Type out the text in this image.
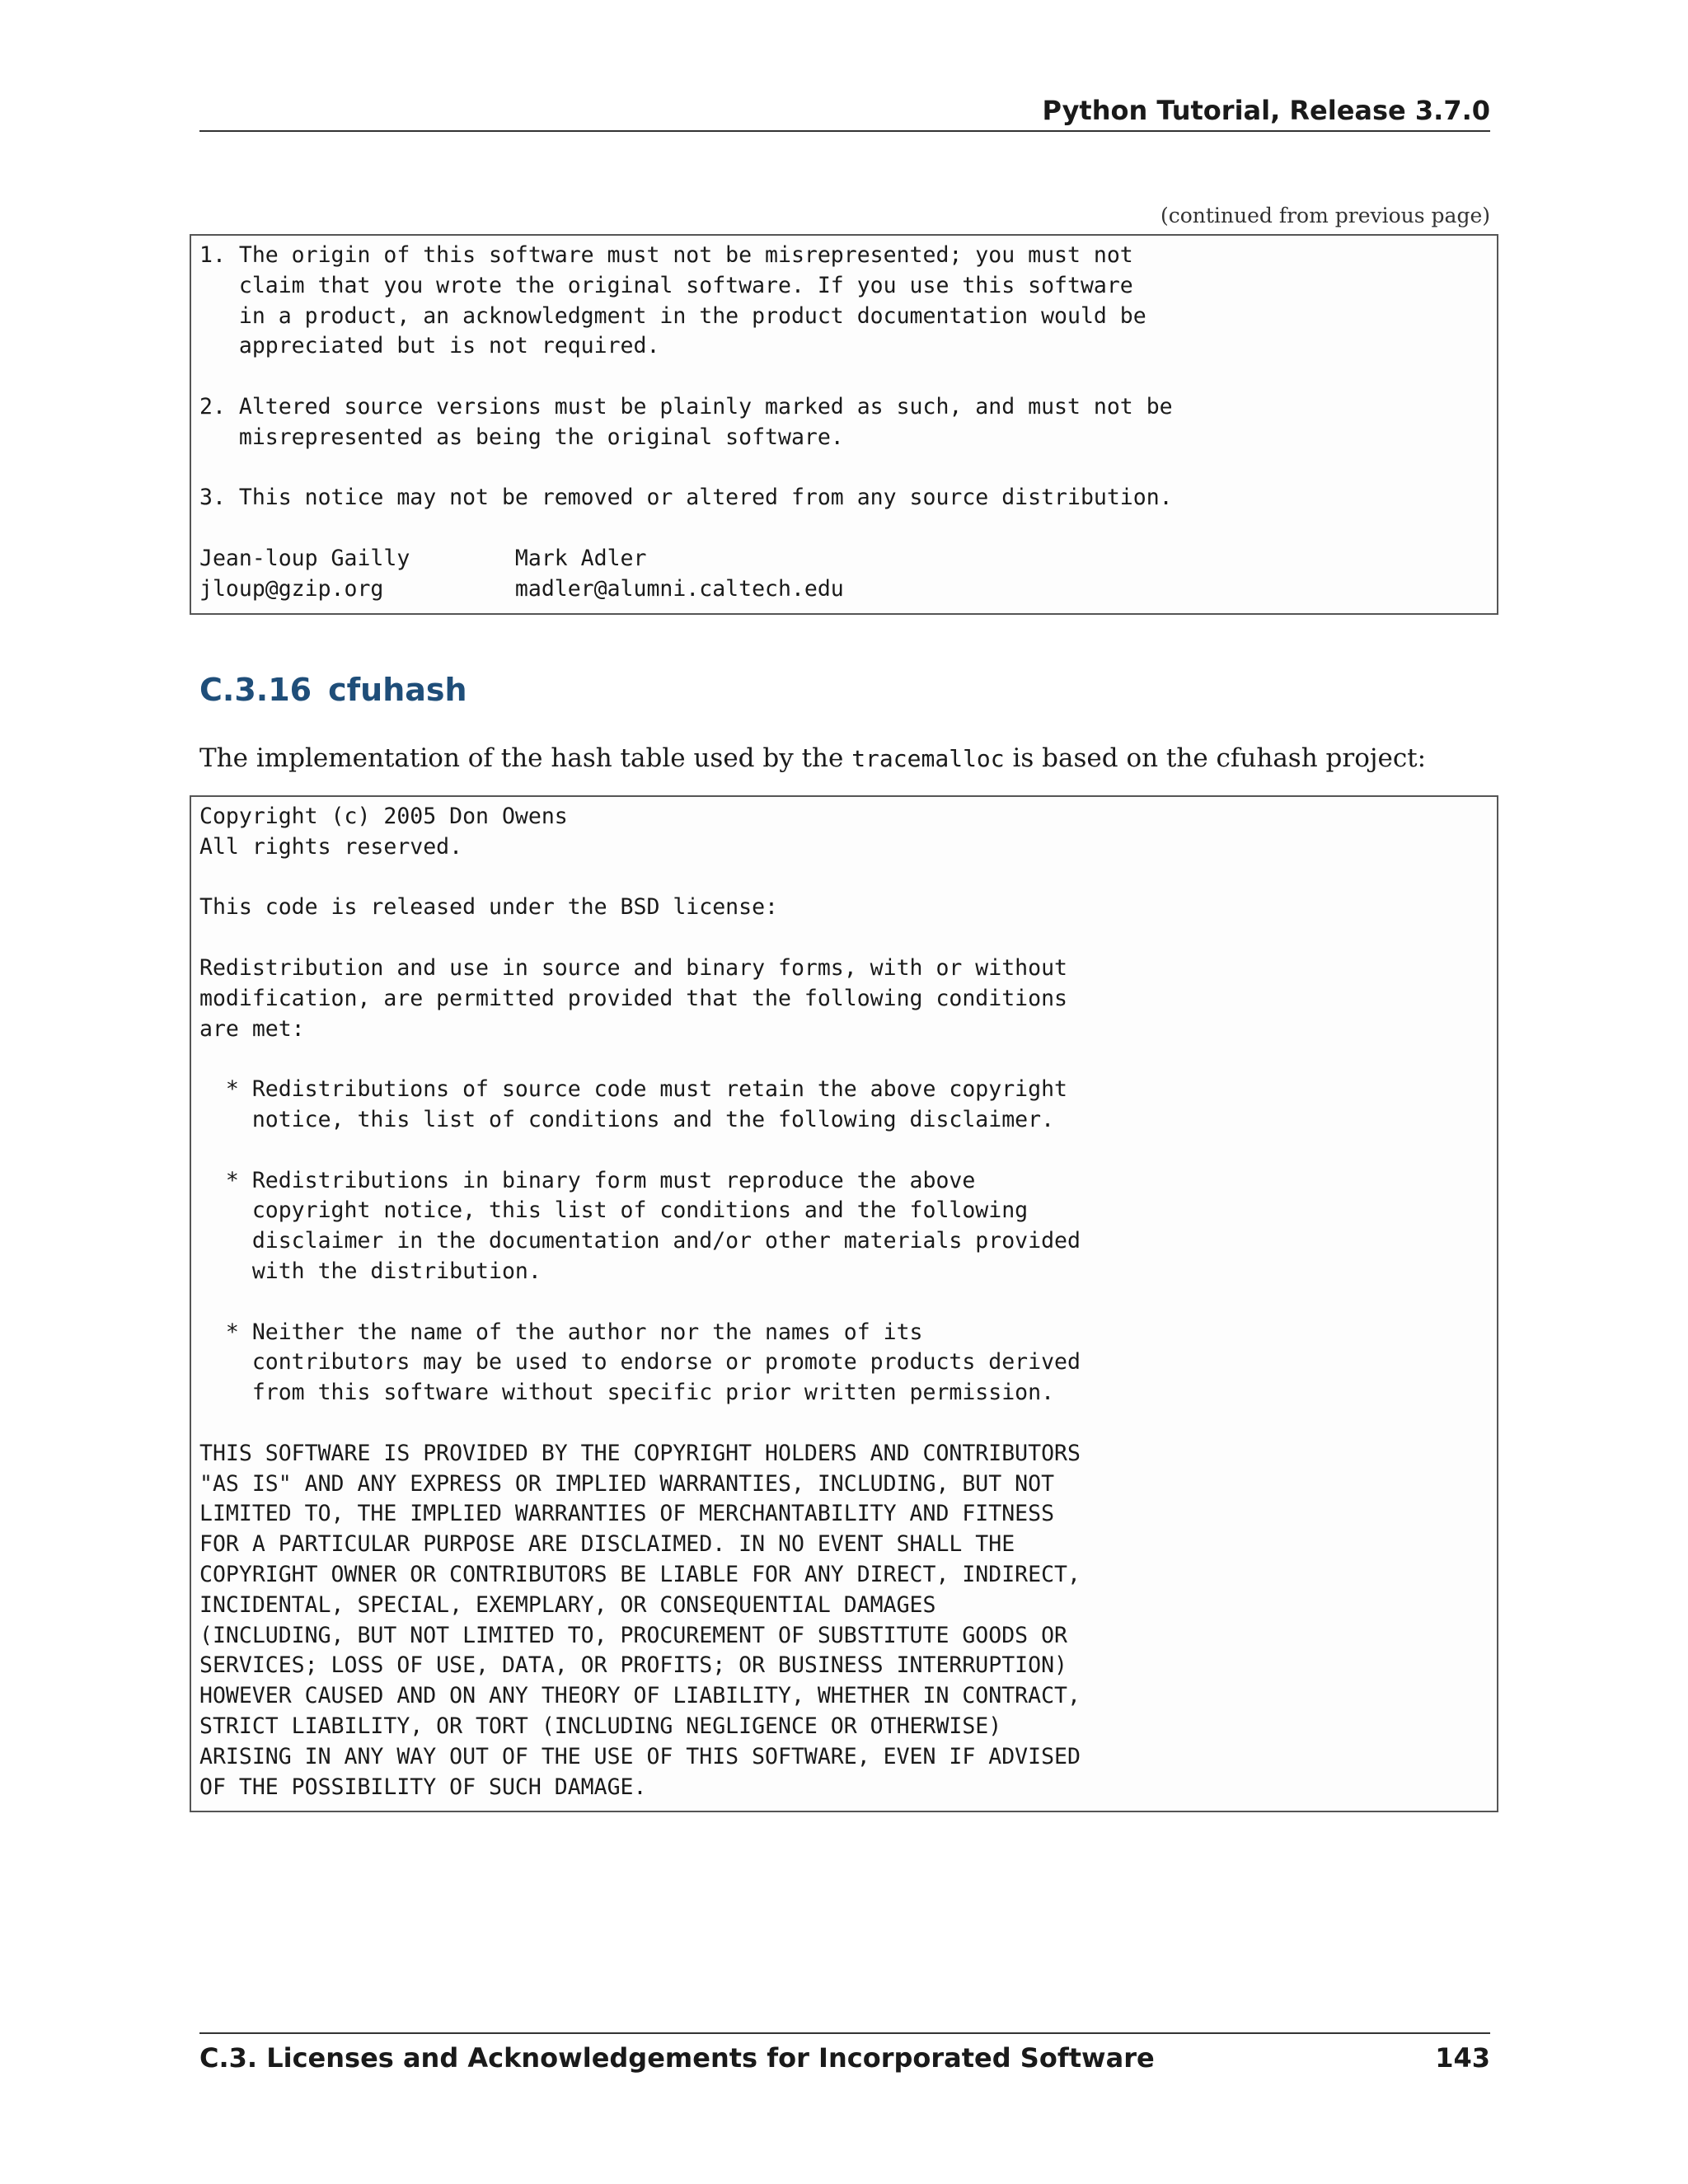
Python Tutorial, Release 3.7.0
(continued from previous page)
1. The origin of this software must not be misrepresented; you must not
claim that you wrote the original software. If you use this software
in a product, an acknowledgment in the product documentation would be
appreciated but is not required.

2. Altered source versions must be plainly marked as such, and must not be
misrepresented as being the original software.

3. This notice may not be removed or altered from any source distribution.

Jean-loup Gailly        Mark Adler
jloup@gzip.org          madler@alumni.caltech.edu
C.3.16 cfuhash
The implementation of the hash table used by the tracemalloc is based on the cfuhash project:
Copyright (c) 2005 Don Owens
All rights reserved.

This code is released under the BSD license:

Redistribution and use in source and binary forms, with or without
modification, are permitted provided that the following conditions
are met:

* Redistributions of source code must retain the above copyright
notice, this list of conditions and the following disclaimer.

* Redistributions in binary form must reproduce the above
copyright notice, this list of conditions and the following
disclaimer in the documentation and/or other materials provided
with the distribution.

* Neither the name of the author nor the names of its
contributors may be used to endorse or promote products derived
from this software without specific prior written permission.

THIS SOFTWARE IS PROVIDED BY THE COPYRIGHT HOLDERS AND CONTRIBUTORS
"AS IS" AND ANY EXPRESS OR IMPLIED WARRANTIES, INCLUDING, BUT NOT
LIMITED TO, THE IMPLIED WARRANTIES OF MERCHANTABILITY AND FITNESS
FOR A PARTICULAR PURPOSE ARE DISCLAIMED. IN NO EVENT SHALL THE
COPYRIGHT OWNER OR CONTRIBUTORS BE LIABLE FOR ANY DIRECT, INDIRECT,
INCIDENTAL, SPECIAL, EXEMPLARY, OR CONSEQUENTIAL DAMAGES
(INCLUDING, BUT NOT LIMITED TO, PROCUREMENT OF SUBSTITUTE GOODS OR
SERVICES; LOSS OF USE, DATA, OR PROFITS; OR BUSINESS INTERRUPTION)
HOWEVER CAUSED AND ON ANY THEORY OF LIABILITY, WHETHER IN CONTRACT,
STRICT LIABILITY, OR TORT (INCLUDING NEGLIGENCE OR OTHERWISE)
ARISING IN ANY WAY OUT OF THE USE OF THIS SOFTWARE, EVEN IF ADVISED
OF THE POSSIBILITY OF SUCH DAMAGE.
C.3. Licenses and Acknowledgements for Incorporated Software	143
